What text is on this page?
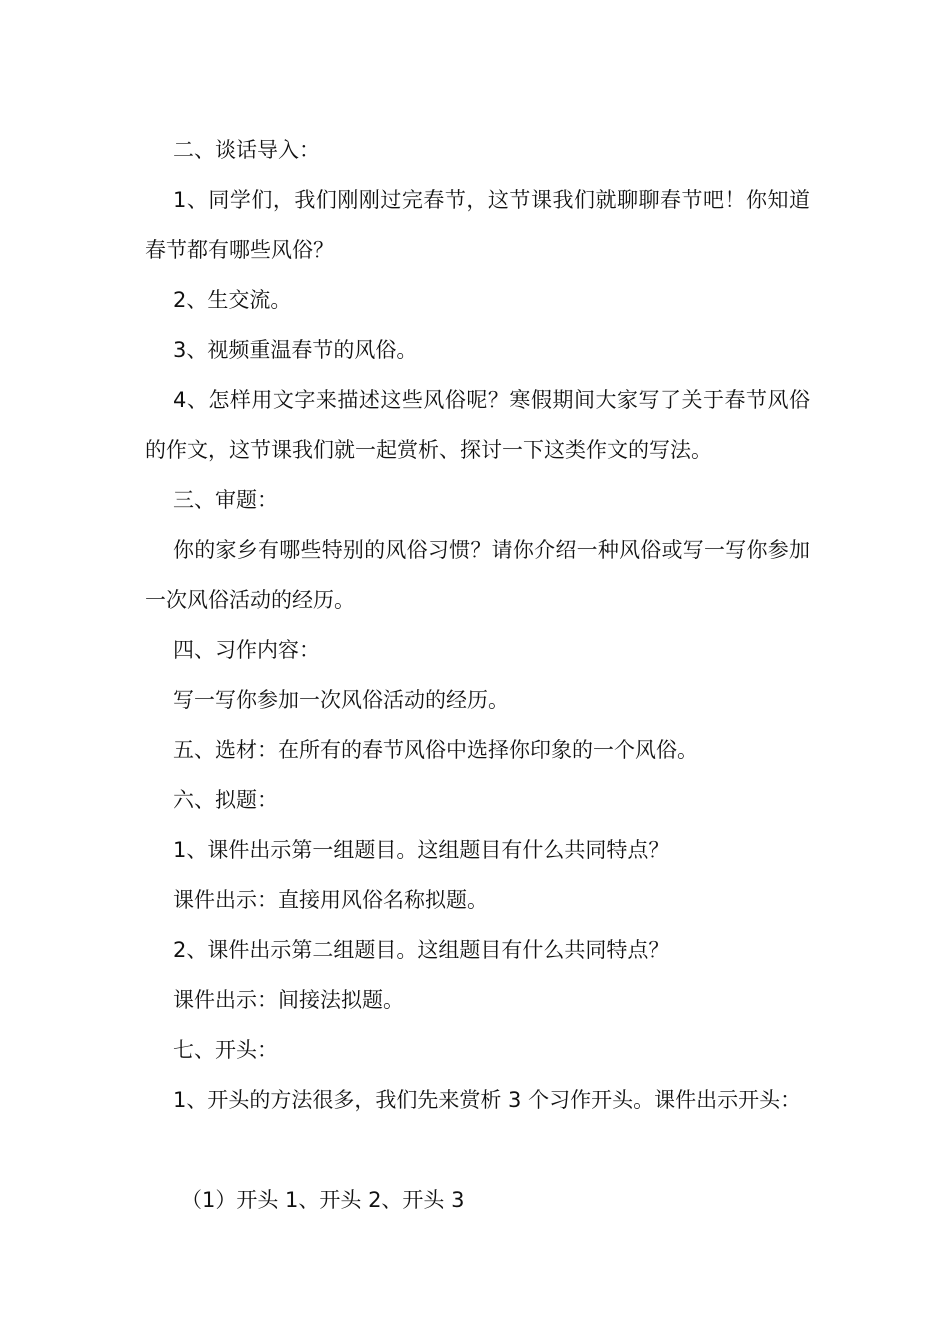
二、谈话导入：

1、同学们，我们刚刚过完春节，这节课我们就聊聊春节吧！你知道春节都有哪些风俗？

2、生交流。

3、视频重温春节的风俗。

4、怎样用文字来描述这些风俗呢？寒假期间大家写了关于春节风俗的作文，这节课我们就一起赏析、探讨一下这类作文的写法。

三、审题：

你的家乡有哪些特别的风俗习惯？请你介绍一种风俗或写一写你参加一次风俗活动的经历。

四、习作内容：

写一写你参加一次风俗活动的经历。

五、选材：在所有的春节风俗中选择你印象的一个风俗。

六、拟题：

1、课件出示第一组题目。这组题目有什么共同特点？

课件出示：直接用风俗名称拟题。

2、课件出示第二组题目。这组题目有什么共同特点？

课件出示：间接法拟题。

七、开头：

1、开头的方法很多，我们先来赏析 3 个习作开头。课件出示开头：

（1）开头 1、开头 2、开头 3
